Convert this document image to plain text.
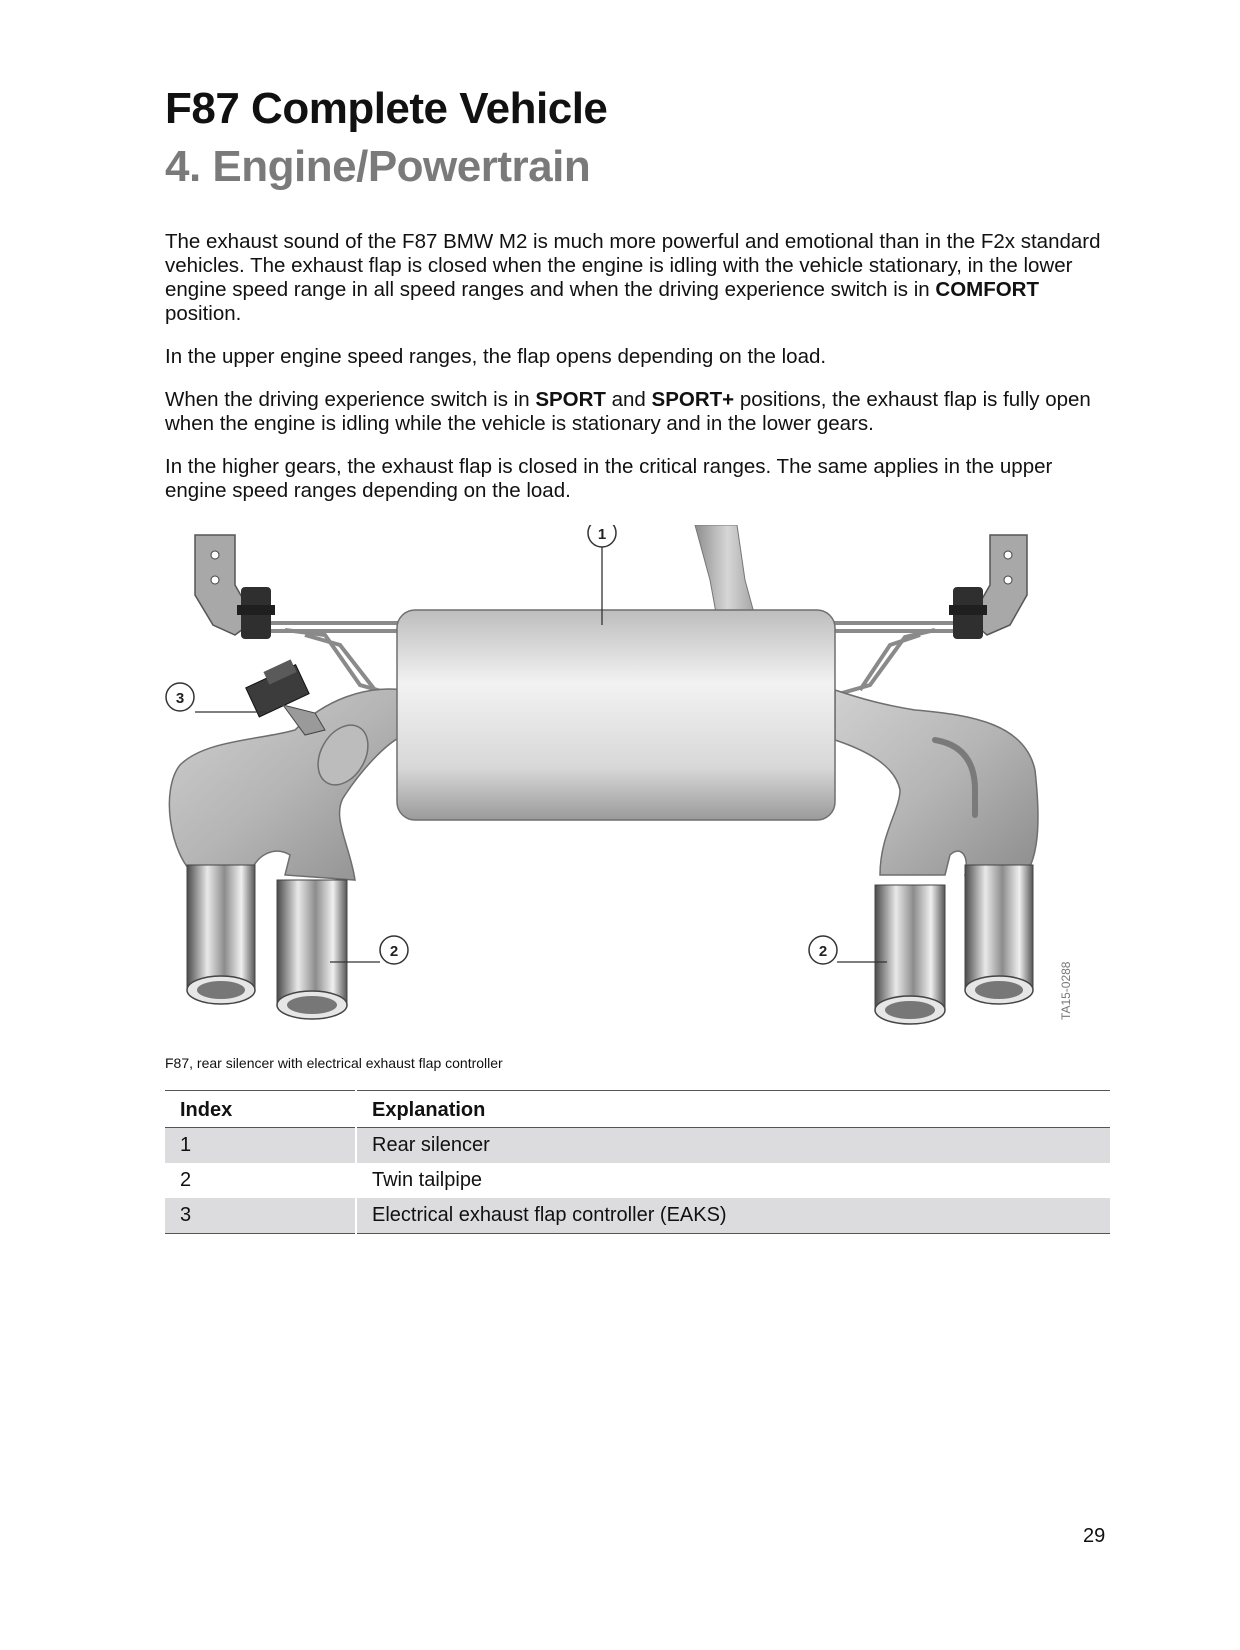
F87 Complete Vehicle
4. Engine/Powertrain

The exhaust sound of the F87 BMW M2 is much more powerful and emotional than in the F2x standard vehicles. The exhaust flap is closed when the engine is idling with the vehicle stationary, in the lower engine speed range in all speed ranges and when the driving experience switch is in COMFORT position.

In the upper engine speed ranges, the flap opens depending on the load.

When the driving experience switch is in SPORT and SPORT+ positions, the exhaust flap is fully open when the engine is idling while the vehicle is stationary and in the lower gears.

In the higher gears, the exhaust flap is closed in the critical ranges. The same applies in the upper engine speed ranges depending on the load.

1
3
2	2
TA15-0288
F87, rear silencer with electrical exhaust flap controller
Index	Explanation
1	Rear silencer
2	Twin tailpipe
3	Electrical exhaust flap controller (EAKS)
29
